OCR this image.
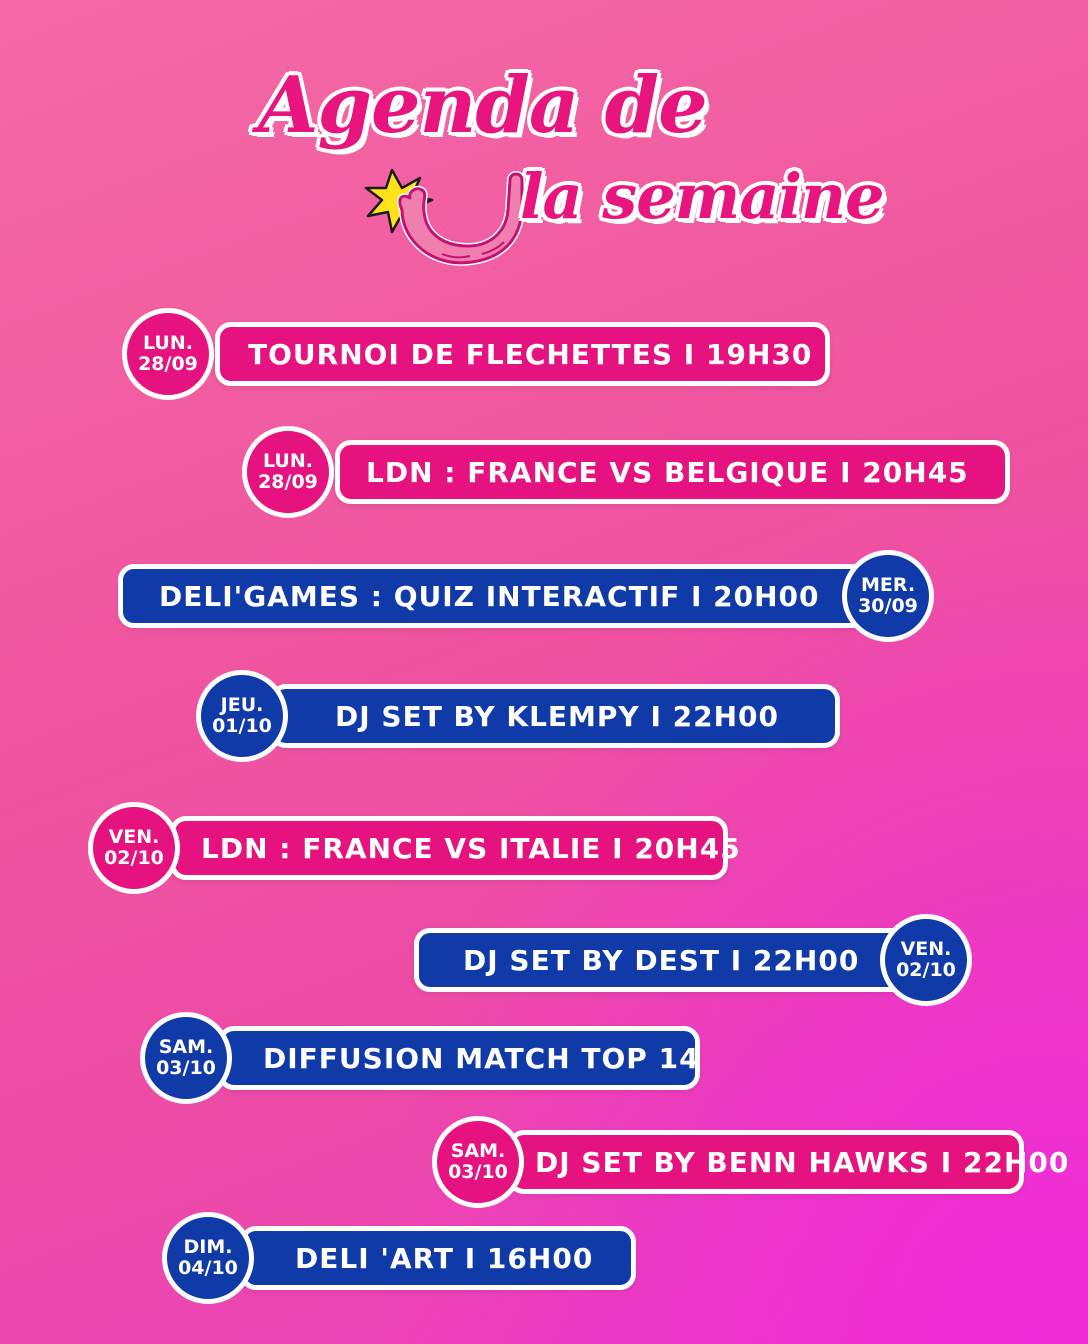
Agenda de
la semaine
TOURNOI DE FLECHETTES I 19H30
LUN.
28/09
LDN : FRANCE VS BELGIQUE I 20H45
LUN.
28/09
DELI'GAMES : QUIZ INTERACTIF I 20H00 MER.
30/09
DJ SET BY KLEMPY I 22H00
JEU.
01/10
LDN : FRANCE VS ITALIE I 20H45
VEN.
02/10
DJ SET BY DEST I 22H00 VEN.
02/10
DIFFUSION MATCH TOP 14
SAM.
03/10
DJ SET BY BENN HAWKS I 22H00
SAM.
03/10
DELI 'ART I 16H00
DIM.
04/10
